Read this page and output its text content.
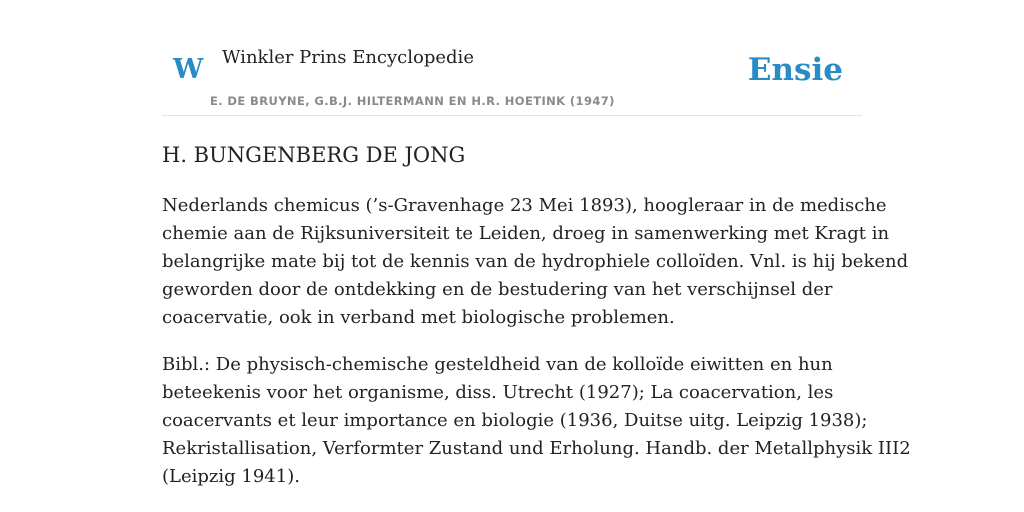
W Winkler Prins Encyclopedie
E. DE BRUYNE, G.B.J. HILTERMANN EN H.R. HOETINK (1947)
Ensie
H. BUNGENBERG DE JONG

Nederlands chemicus (’s-Gravenhage 23 Mei 1893), hoogleraar in de medische
chemie aan de Rijksuniversiteit te Leiden, droeg in samenwerking met Kragt in
belangrijke mate bij tot de kennis van de hydrophiele colloïden. Vnl. is hij bekend
geworden door de ontdekking en de bestudering van het verschijnsel der
coacervatie, ook in verband met biologische problemen.

Bibl.: De physisch-chemische gesteldheid van de kolloïde eiwitten en hun
beteekenis voor het organisme, diss. Utrecht (1927); La coacervation, les
coacervants et leur importance en biologie (1936, Duitse uitg. Leipzig 1938);
Rekristallisation, Verformter Zustand und Erholung. Handb. der Metallphysik III2
(Leipzig 1941).
